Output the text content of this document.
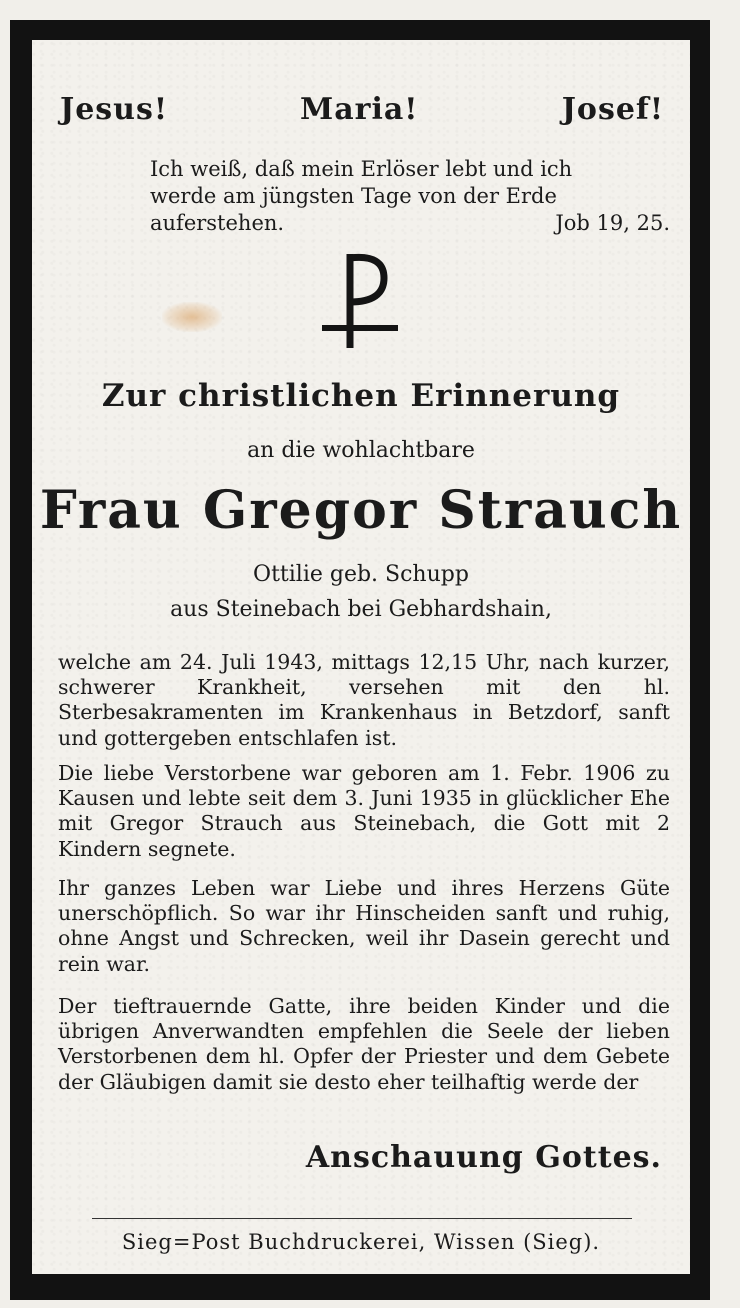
Jesus!	Maria!	Josef!
Ich weiß, daß mein Erlöser lebt und ich
werde am jüngsten Tage von der Erde
auferstehen.	Job 19, 25.
Zur christlichen Erinnerung
an die wohlachtbare
Frau Gregor Strauch
Ottilie geb. Schupp
aus Steinebach bei Gebhardshain,
welche am 24. Juli 1943, mittags 12,15 Uhr, nach kurzer, schwerer Krankheit, versehen mit den hl. Sterbesakramenten im Krankenhaus in Betzdorf, sanft und gottergeben entschlafen ist.
Die liebe Verstorbene war geboren am 1. Febr. 1906 zu Kausen und lebte seit dem 3. Juni 1935 in glücklicher Ehe mit Gregor Strauch aus Steinebach, die Gott mit 2 Kindern segnete.
Ihr ganzes Leben war Liebe und ihres Herzens Güte unerschöpflich. So war ihr Hinscheiden sanft und ruhig, ohne Angst und Schrecken, weil ihr Dasein gerecht und rein war.
Der tieftrauernde Gatte, ihre beiden Kinder und die übrigen Anverwandten empfehlen die Seele der lieben Verstorbenen dem hl. Opfer der Priester und dem Gebete der Gläubigen damit sie desto eher teilhaftig werde der
Anschauung Gottes.
Sieg=Post Buchdruckerei, Wissen (Sieg).
